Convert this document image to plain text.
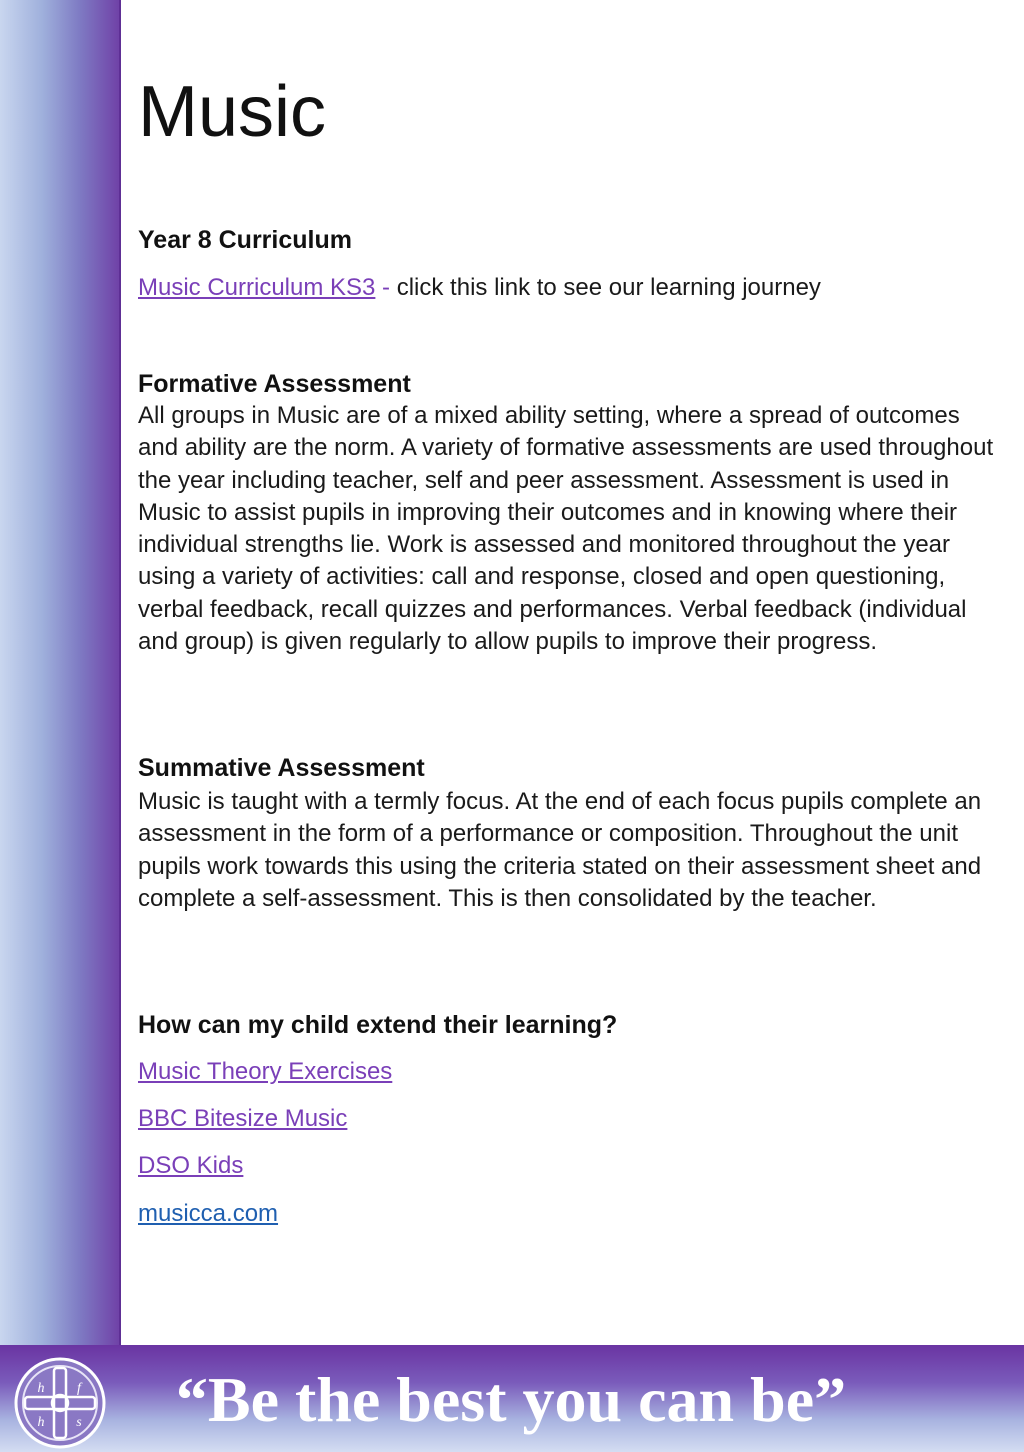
h f
h s	“Be the best you can be”
Music
Year 8 Curriculum
Music Curriculum KS3 - click this link to see our learning journey
Formative Assessment
All groups in Music are of a mixed ability setting, where a spread of outcomes and ability are the norm. A variety of formative assessments are used throughout the year including teacher, self and peer assessment. Assessment is used in Music to assist pupils in improving their outcomes and in knowing where their individual strengths lie. Work is assessed and monitored throughout the year using a variety of activities: call and response, closed and open questioning, verbal feedback, recall quizzes and performances. Verbal feedback (individual and group) is given regularly to allow pupils to improve their progress.
Summative Assessment
Music is taught with a termly focus. At the end of each focus pupils complete an assessment in the form of a performance or composition. Throughout the unit pupils work towards this using the criteria stated on their assessment sheet and complete a self-assessment. This is then consolidated by the teacher.
How can my child extend their learning?
Music Theory Exercises
BBC Bitesize Music
DSO Kids
musicca.com
